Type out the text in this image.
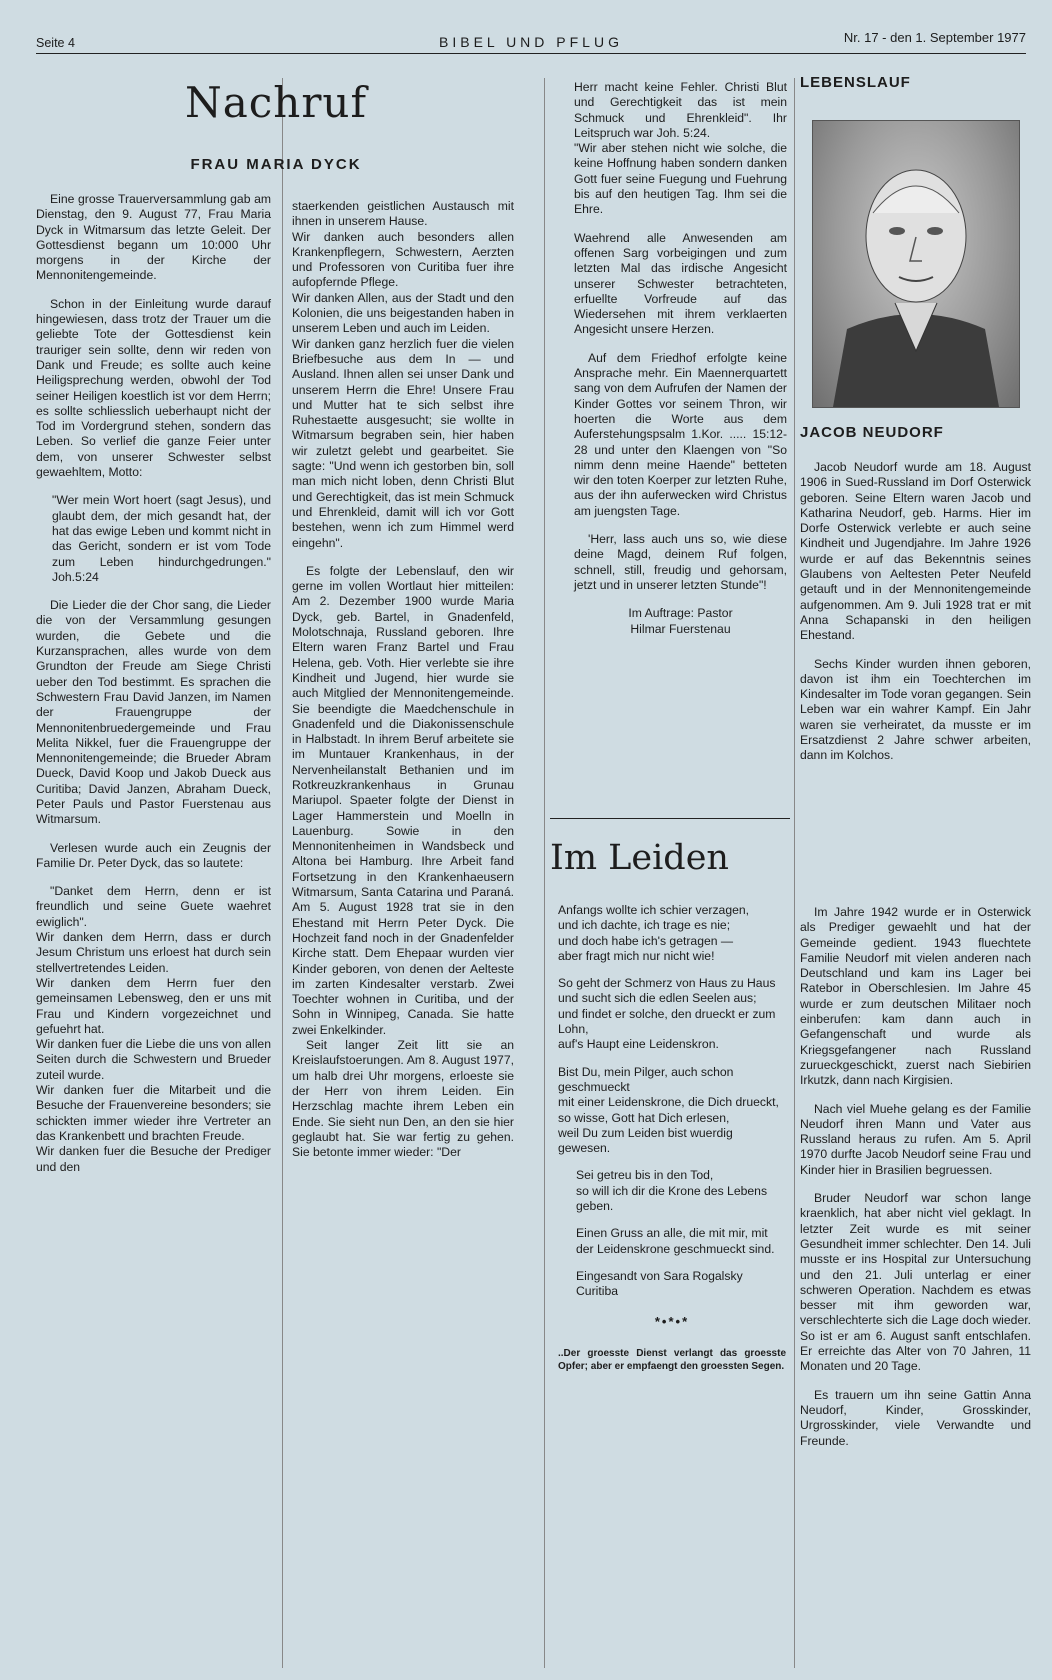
Seite 4	BIBEL UND PFLUG	Nr. 17 - den 1. September 1977
Nachruf
FRAU MARIA DYCK

Eine grosse Trauerversammlung gab am Dienstag, den 9. August 77, Frau Maria Dyck in Witmarsum das letzte Geleit. Der Gottesdienst begann um 10:000 Uhr morgens in der Kirche der Mennonitengemeinde.

Schon in der Einleitung wurde darauf hingewiesen, dass trotz der Trauer um die geliebte Tote der Gottesdienst kein trauriger sein sollte, denn wir reden von Dank und Freude; es sollte auch keine Heiligsprechung werden, obwohl der Tod seiner Heiligen koestlich ist vor dem Herrn; es sollte schliesslich ueberhaupt nicht der Tod im Vordergrund stehen, sondern das Leben. So verlief die ganze Feier unter dem, von unserer Schwester selbst gewaehltem, Motto:

"Wer mein Wort hoert (sagt Jesus), und glaubt dem, der mich gesandt hat, der hat das ewige Leben und kommt nicht in das Gericht, sondern er ist vom Tode zum Leben hindurchgedrungen." Joh.5:24

Die Lieder die der Chor sang, die Lieder die von der Versammlung gesungen wurden, die Gebete und die Kurzansprachen, alles wurde von dem Grundton der Freude am Siege Christi ueber den Tod bestimmt. Es sprachen die Schwestern Frau David Janzen, im Namen der Frauengruppe der Mennonitenbruedergemeinde und Frau Melita Nikkel, fuer die Frauengruppe der Mennonitengemeinde; die Brueder Abram Dueck, David Koop und Jakob Dueck aus Curitiba; David Janzen, Abraham Dueck, Peter Pauls und Pastor Fuerstenau aus Witmarsum.

Verlesen wurde auch ein Zeugnis der Familie Dr. Peter Dyck, das so lautete:

"Danket dem Herrn, denn er ist freundlich und seine Guete waehret ewiglich".

Wir danken dem Herrn, dass er durch Jesum Christum uns erloest hat durch sein stellvertretendes Leiden.

Wir danken dem Herrn fuer den gemeinsamen Lebensweg, den er uns mit Frau und Kindern vorgezeichnet und gefuehrt hat.

Wir danken fuer die Liebe die uns von allen Seiten durch die Schwestern und Brueder zuteil wurde.

Wir danken fuer die Mitarbeit und die Besuche der Frauenvereine besonders; sie schickten immer wieder ihre Vertreter an das Krankenbett und brachten Freude.

Wir danken fuer die Besuche der Prediger und den

staerkenden geistlichen Austausch mit ihnen in unserem Hause.

Wir danken auch besonders allen Krankenpflegern, Schwestern, Aerzten und Professoren von Curitiba fuer ihre aufopfernde Pflege.

Wir danken Allen, aus der Stadt und den Kolonien, die uns beigestanden haben in unserem Leben und auch im Leiden.

Wir danken ganz herzlich fuer die vielen Briefbesuche aus dem In — und Ausland. Ihnen allen sei unser Dank und unserem Herrn die Ehre! Unsere Frau und Mutter hat te sich selbst ihre Ruhestaette ausgesucht; sie wollte in Witmarsum begraben sein, hier haben wir zuletzt gelebt und gearbeitet. Sie sagte: "Und wenn ich gestorben bin, soll man mich nicht loben, denn Christi Blut und Gerechtigkeit, das ist mein Schmuck und Ehrenkleid, damit will ich vor Gott bestehen, wenn ich zum Himmel werd eingehn".

Es folgte der Lebenslauf, den wir gerne im vollen Wortlaut hier mitteilen: Am 2. Dezember 1900 wurde Maria Dyck, geb. Bartel, in Gnadenfeld, Molotschnaja, Russland geboren. Ihre Eltern waren Franz Bartel und Frau Helena, geb. Voth. Hier verlebte sie ihre Kindheit und Jugend, hier wurde sie auch Mitglied der Mennonitengemeinde. Sie beendigte die Maedchenschule in Gnadenfeld und die Diakonissenschule in Halbstadt. In ihrem Beruf arbeitete sie im Muntauer Krankenhaus, in der Nervenheilanstalt Bethanien und im Rotkreuzkrankenhaus in Grunau Mariupol. Spaeter folgte der Dienst in Lager Hammerstein und Moelln in Lauenburg. Sowie in den Mennonitenheimen in Wandsbeck und Altona bei Hamburg. Ihre Arbeit fand Fortsetzung in den Krankenhaeusern Witmarsum, Santa Catarina und Paraná. Am 5. August 1928 trat sie in den Ehestand mit Herrn Peter Dyck. Die Hochzeit fand noch in der Gnadenfelder Kirche statt. Dem Ehepaar wurden vier Kinder geboren, von denen der Aelteste im zarten Kindesalter verstarb. Zwei Toechter wohnen in Curitiba, und der Sohn in Winnipeg, Canada. Sie hatte zwei Enkelkinder.

Seit langer Zeit litt sie an Kreislaufstoerungen. Am 8. August 1977, um halb drei Uhr morgens, erloeste sie der Herr von ihrem Leiden. Ein Herzschlag machte ihrem Leben ein Ende. Sie sieht nun Den, an den sie hier geglaubt hat. Sie war fertig zu gehen. Sie betonte immer wieder: "Der

Herr macht keine Fehler. Christi Blut und Gerechtigkeit das ist mein Schmuck und Ehrenkleid". Ihr Leitspruch war Joh. 5:24.

"Wir aber stehen nicht wie solche, die keine Hoffnung haben sondern danken Gott fuer seine Fuegung und Fuehrung bis auf den heutigen Tag. Ihm sei die Ehre.

Waehrend alle Anwesenden am offenen Sarg vorbeigingen und zum letzten Mal das irdische Angesicht unserer Schwester betrachteten, erfuellte Vorfreude auf das Wiedersehen mit ihrem verklaerten Angesicht unsere Herzen.

Auf dem Friedhof erfolgte keine Ansprache mehr. Ein Maennerquartett sang von dem Aufrufen der Namen der Kinder Gottes vor seinem Thron, wir hoerten die Worte aus dem Auferstehungspsalm 1.Kor. ..... 15:12-28 und unter den Klaengen von "So nimm denn meine Haende" betteten wir den toten Koerper zur letzten Ruhe, aus der ihn auferwecken wird Christus am juengsten Tage.

'Herr, lass auch uns so, wie diese deine Magd, deinem Ruf folgen, schnell, still, freudig und gehorsam, jetzt und in unserer letzten Stunde"!

Im Auftrage: Pastor
Hilmar Fuerstenau
Im Leiden

Anfangs wollte ich schier verzagen,
und ich dachte, ich trage es nie;
und doch habe ich's getragen —
aber fragt mich nur nicht wie!

So geht der Schmerz von Haus zu Haus
und sucht sich die edlen Seelen aus;
und findet er solche, den drueckt er zum Lohn,
auf's Haupt eine Leidenskron.

Bist Du, mein Pilger, auch schon geschmueckt
mit einer Leidenskrone, die Dich drueckt,
so wisse, Gott hat Dich erlesen,
weil Du zum Leiden bist wuerdig gewesen.

Sei getreu bis in den Tod,
so will ich dir die Krone des Lebens geben.

Einen Gruss an alle, die mit mir, mit der Leidenskrone geschmueckt sind.

Eingesandt von Sara Rogalsky
Curitiba

*•*•*
..Der groesste Dienst verlangt das groesste Opfer; aber er empfaengt den groessten Segen.
LEBENSLAUF
JACOB NEUDORF

Jacob Neudorf wurde am 18. August 1906 in Sued-Russland im Dorf Osterwick geboren. Seine Eltern waren Jacob und Katharina Neudorf, geb. Harms. Hier im Dorfe Osterwick verlebte er auch seine Kindheit und Jugendjahre. Im Jahre 1926 wurde er auf das Bekenntnis seines Glaubens von Aeltesten Peter Neufeld getauft und in der Mennonitengemeinde aufgenommen. Am 9. Juli 1928 trat er mit Anna Schapanski in den heiligen Ehestand.

Sechs Kinder wurden ihnen geboren, davon ist ihm ein Toechterchen im Kindesalter im Tode voran gegangen. Sein Leben war ein wahrer Kampf. Ein Jahr waren sie verheiratet, da musste er im Ersatzdienst 2 Jahre schwer arbeiten, dann im Kolchos.

Im Jahre 1942 wurde er in Osterwick als Prediger gewaehlt und hat der Gemeinde gedient. 1943 fluechtete Familie Neudorf mit vielen anderen nach Deutschland und kam ins Lager bei Ratebor in Oberschlesien. Im Jahre 45 wurde er zum deutschen Militaer noch einberufen: kam dann auch in Gefangenschaft und wurde als Kriegsgefangener nach Russland zurueckgeschickt, zuerst nach Siebirien Irkutzk, dann nach Kirgisien.

Nach viel Muehe gelang es der Familie Neudorf ihren Mann und Vater aus Russland heraus zu rufen. Am 5. April 1970 durfte Jacob Neudorf seine Frau und Kinder hier in Brasilien begruessen.

Bruder Neudorf war schon lange kraenklich, hat aber nicht viel geklagt. In letzter Zeit wurde es mit seiner Gesundheit immer schlechter. Den 14. Juli musste er ins Hospital zur Untersuchung und den 21. Juli unterlag er einer schweren Operation. Nachdem es etwas besser mit ihm geworden war, verschlechterte sich die Lage doch wieder. So ist er am 6. August sanft entschlafen. Er erreichte das Alter von 70 Jahren, 11 Monaten und 20 Tage.

Es trauern um ihn seine Gattin Anna Neudorf, Kinder, Grosskinder, Urgrosskinder, viele Verwandte und Freunde.
